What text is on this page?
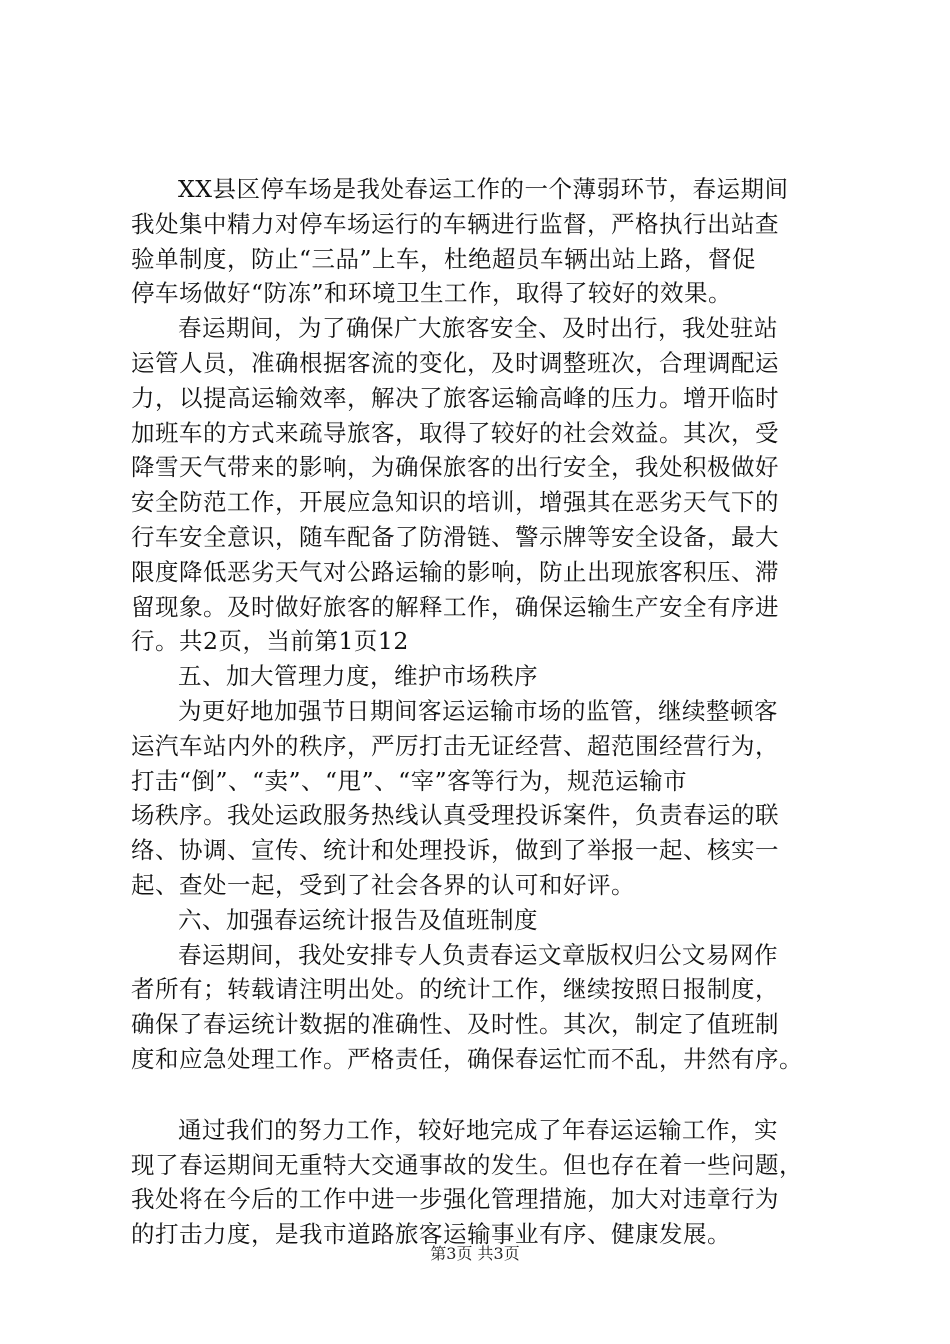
XX县区停车场是我处春运工作的一个薄弱环节，春运期间
我处集中精力对停车场运行的车辆进行监督，严格执行出站查
验单制度，防止“三品”上车，杜绝超员车辆出站上路，督促
停车场做好“防冻”和环境卫生工作，取得了较好的效果。
春运期间，为了确保广大旅客安全、及时出行，我处驻站
运管人员，准确根据客流的变化，及时调整班次，合理调配运
力，以提高运输效率，解决了旅客运输高峰的压力。增开临时
加班车的方式来疏导旅客，取得了较好的社会效益。其次，受
降雪天气带来的影响，为确保旅客的出行安全，我处积极做好
安全防范工作，开展应急知识的培训，增强其在恶劣天气下的
行车安全意识，随车配备了防滑链、警示牌等安全设备，最大
限度降低恶劣天气对公路运输的影响，防止出现旅客积压、滞
留现象。及时做好旅客的解释工作，确保运输生产安全有序进
行。共2页，当前第1页12
五、加大管理力度，维护市场秩序
为更好地加强节日期间客运运输市场的监管，继续整顿客
运汽车站内外的秩序，严厉打击无证经营、超范围经营行为，
打击“倒”、“卖”、“甩”、“宰”客等行为，规范运输市
场秩序。我处运政服务热线认真受理投诉案件，负责春运的联
络、协调、宣传、统计和处理投诉，做到了举报一起、核实一
起、查处一起，受到了社会各界的认可和好评。
六、加强春运统计报告及值班制度
春运期间，我处安排专人负责春运文章版权归公文易网作
者所有；转载请注明出处。的统计工作，继续按照日报制度，
确保了春运统计数据的准确性、及时性。其次，制定了值班制
度和应急处理工作。严格责任，确保春运忙而不乱，井然有序。
通过我们的努力工作，较好地完成了年春运运输工作，实
现了春运期间无重特大交通事故的发生。但也存在着一些问题，
我处将在今后的工作中进一步强化管理措施，加大对违章行为
的打击力度，是我市道路旅客运输事业有序、健康发展。
第3页 共3页
